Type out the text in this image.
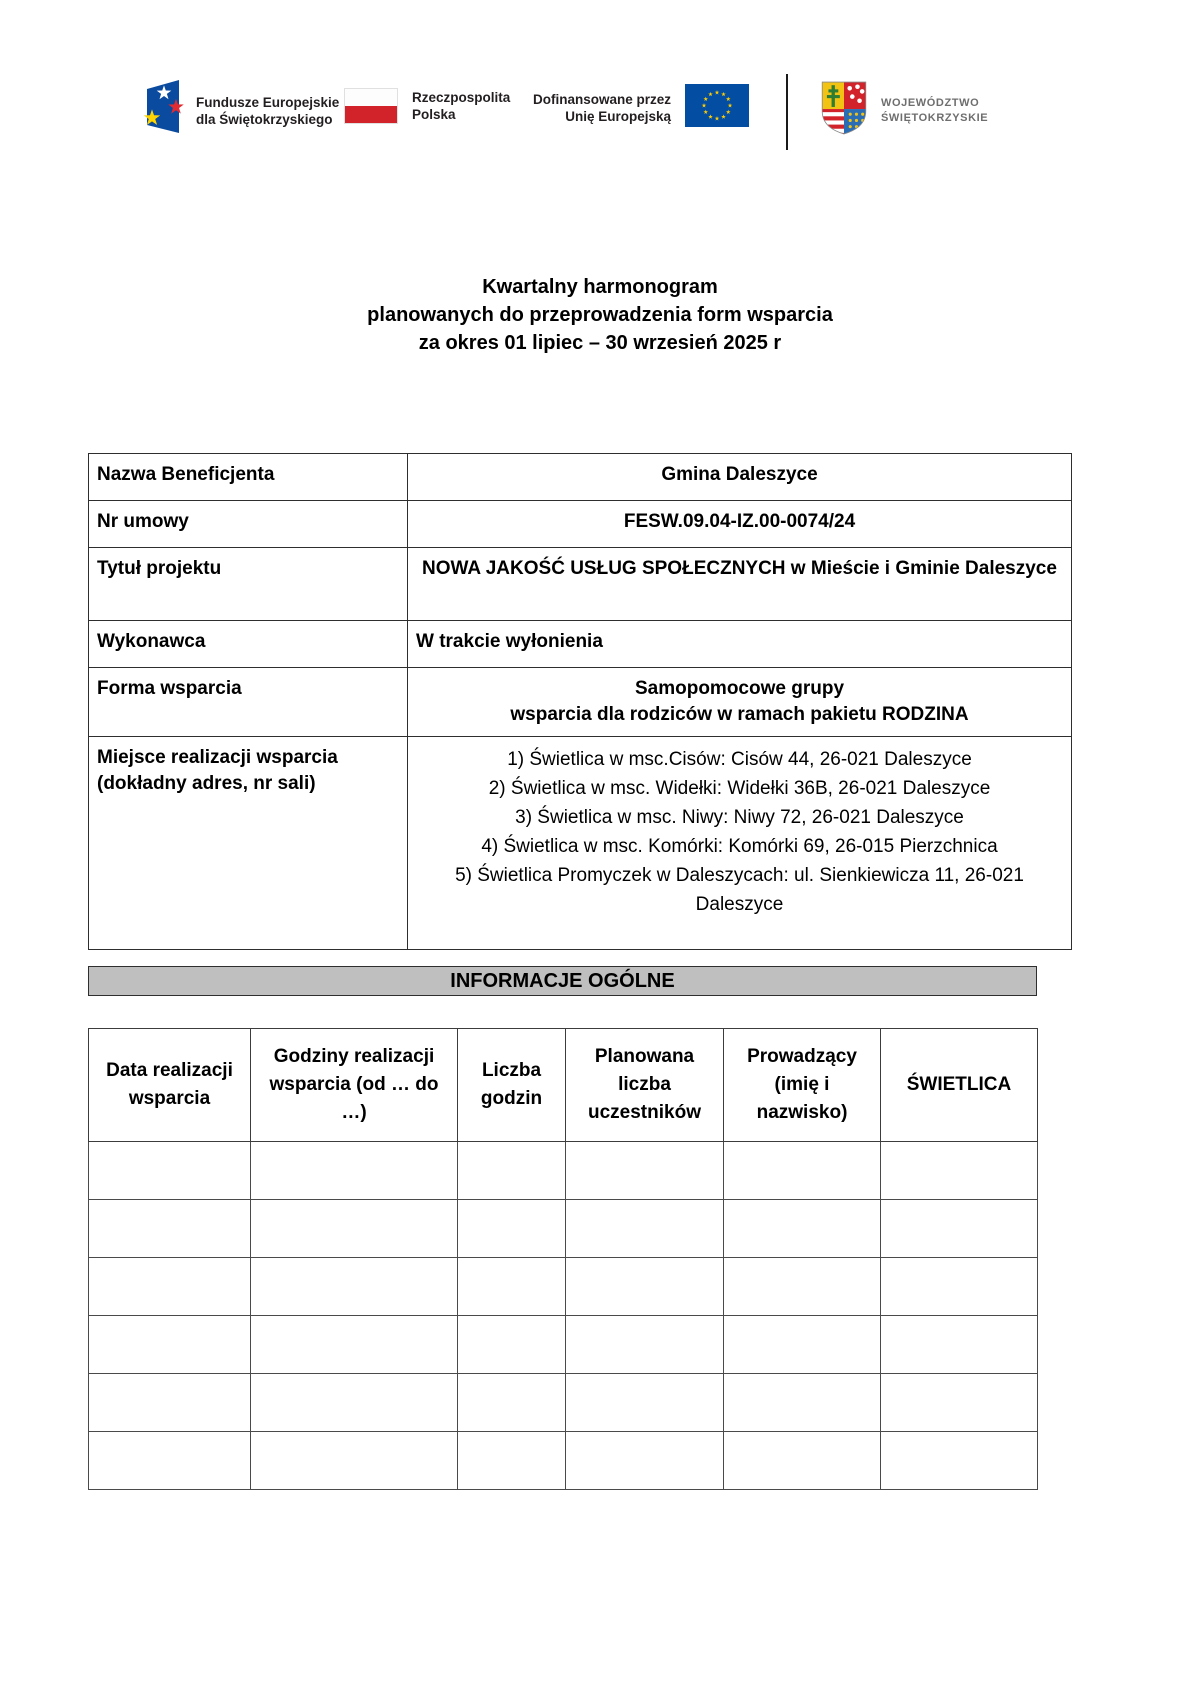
Fundusze Europejskie
dla Świętokrzyskiego
Rzeczpospolita
Polska
Dofinansowane przez
Unię Europejską
WOJEWÓDZTWO
ŚWIĘTOKRZYSKIE
Kwartalny harmonogram
planowanych do przeprowadzenia form wsparcia
za okres 01 lipiec – 30 wrzesień 2025 r
Nazwa Beneficjenta	Gmina Daleszyce
Nr umowy	FESW.09.04-IZ.00-0074/24
Tytuł projektu	NOWA JAKOŚĆ USŁUG SPOŁECZNYCH w Mieście i Gminie Daleszyce
Wykonawca	W trakcie wyłonienia
Forma wsparcia	Samopomocowe grupy
wsparcia dla rodziców w ramach pakietu RODZINA

Miejsce realizacji wsparcia (dokładny adres, nr sali)	1) Świetlica w msc.Cisów: Cisów 44, 26-021 Daleszyce
2) Świetlica w msc. Widełki: Widełki 36B, 26-021 Daleszyce
3) Świetlica w msc. Niwy: Niwy 72, 26-021 Daleszyce
4) Świetlica w msc. Komórki: Komórki 69, 26-015 Pierzchnica
5) Świetlica Promyczek w Daleszycach: ul. Sienkiewicza 11, 26-021 Daleszyce
INFORMACJE OGÓLNE
Data realizacji wsparcia	Godziny realizacji wsparcia (od … do …)	Liczba godzin	Planowana liczba uczestników	Prowadzący (imię i nazwisko)	ŚWIETLICA
